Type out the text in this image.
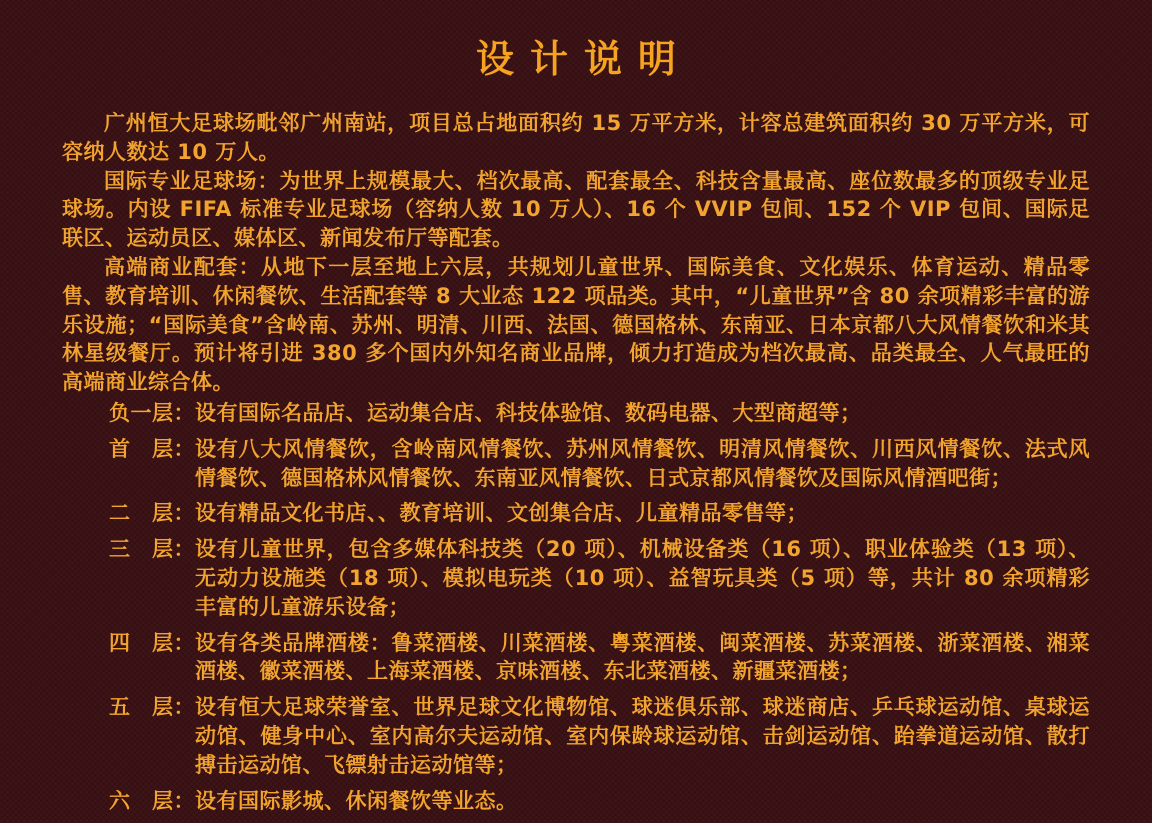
设计说明

广州恒大足球场毗邻广州南站，项目总占地面积约 15 万平方米，计容总建筑面积约 30 万平方米，可容纳人数达 10 万人。

国际专业足球场：为世界上规模最大、档次最高、配套最全、科技含量最高、座位数最多的顶级专业足球场。内设 FIFA 标准专业足球场（容纳人数 10 万人）、16 个 VVIP 包间、152 个 VIP 包间、国际足联区、运动员区、媒体区、新闻发布厅等配套。

高端商业配套：从地下一层至地上六层，共规划儿童世界、国际美食、文化娱乐、体育运动、精品零售、教育培训、休闲餐饮、生活配套等 8 大业态 122 项品类。其中，“儿童世界”含 80 余项精彩丰富的游乐设施；“国际美食”含岭南、苏州、明清、川西、法国、德国格林、东南亚、日本京都八大风情餐饮和米其林星级餐厅。预计将引进 380 多个国内外知名商业品牌，倾力打造成为档次最高、品类最全、人气最旺的高端商业综合体。

负一层： 设有国际名品店、运动集合店、科技体验馆、数码电器、大型商超等；
首　层： 设有八大风情餐饮，含岭南风情餐饮、苏州风情餐饮、明清风情餐饮、川西风情餐饮、法式风情餐饮、德国格林风情餐饮、东南亚风情餐饮、日式京都风情餐饮及国际风情酒吧街；
二　层： 设有精品文化书店、、教育培训、文创集合店、儿童精品零售等；
三　层： 设有儿童世界，包含多媒体科技类（20 项）、机械设备类（16 项）、职业体验类（13 项）、无动力设施类（18 项）、模拟电玩类（10 项）、益智玩具类（5 项）等，共计 80 余项精彩丰富的儿童游乐设备；
四　层： 设有各类品牌酒楼：鲁菜酒楼、川菜酒楼、粤菜酒楼、闽菜酒楼、苏菜酒楼、浙菜酒楼、湘菜酒楼、徽菜酒楼、上海菜酒楼、京味酒楼、东北菜酒楼、新疆菜酒楼；
五　层： 设有恒大足球荣誉室、世界足球文化博物馆、球迷俱乐部、球迷商店、乒乓球运动馆、桌球运动馆、健身中心、室内高尔夫运动馆、室内保龄球运动馆、击剑运动馆、跆拳道运动馆、散打搏击运动馆、飞镖射击运动馆等；
六　层： 设有国际影城、休闲餐饮等业态。
